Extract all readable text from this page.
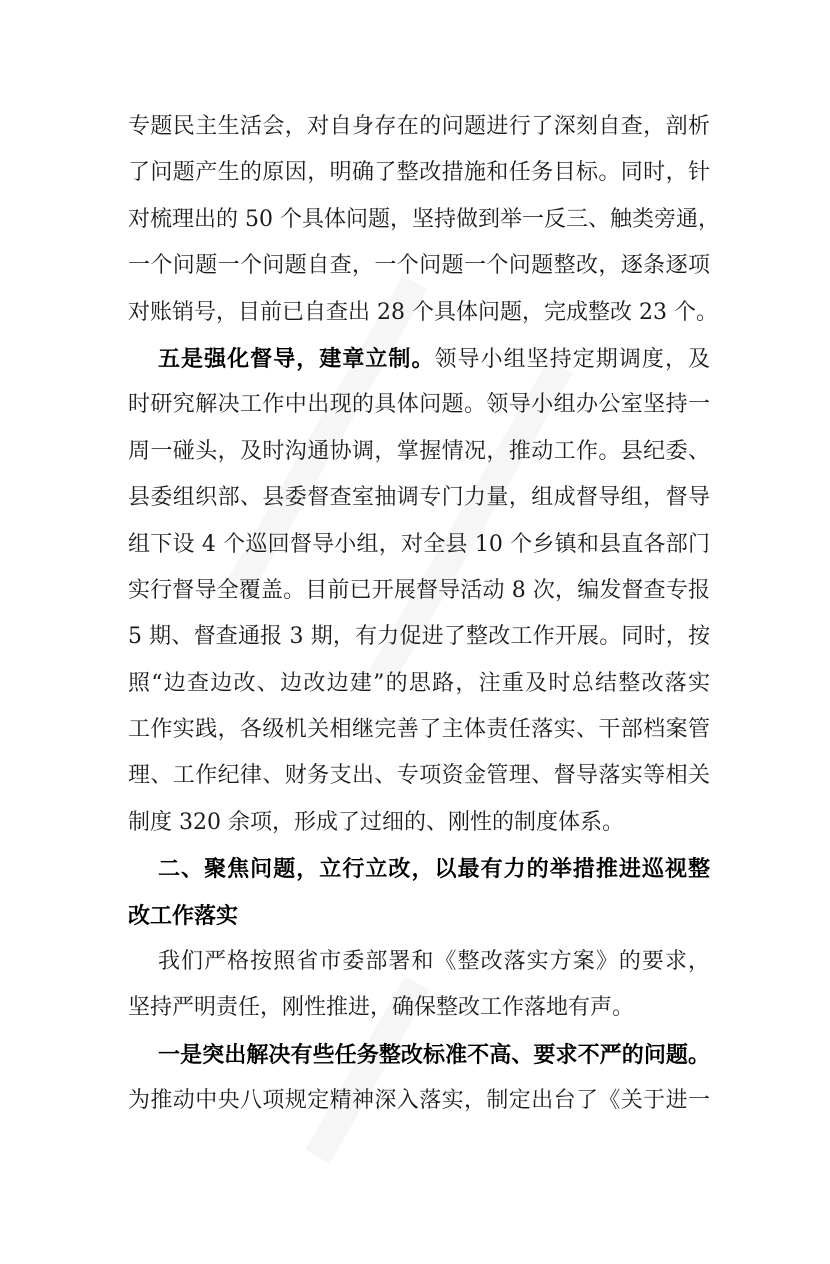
专题民主生活会，对自身存在的问题进行了深刻自查，剖析
了问题产生的原因，明确了整改措施和任务目标。同时，针
对梳理出的 50 个具体问题，坚持做到举一反三、触类旁通，
一个问题一个问题自查，一个问题一个问题整改，逐条逐项
对账销号，目前已自查出 28 个具体问题，完成整改 23 个。
五是强化督导，建章立制。领导小组坚持定期调度，及
时研究解决工作中出现的具体问题。领导小组办公室坚持一
周一碰头，及时沟通协调，掌握情况，推动工作。县纪委、
县委组织部、县委督查室抽调专门力量，组成督导组，督导
组下设 4 个巡回督导小组，对全县 10 个乡镇和县直各部门
实行督导全覆盖。目前已开展督导活动 8 次，编发督查专报
5 期、督查通报 3 期，有力促进了整改工作开展。同时，按
照“边查边改、边改边建”的思路，注重及时总结整改落实
工作实践，各级机关相继完善了主体责任落实、干部档案管
理、工作纪律、财务支出、专项资金管理、督导落实等相关
制度 320 余项，形成了过细的、刚性的制度体系。
二、聚焦问题，立行立改，以最有力的举措推进巡视整
改工作落实
我们严格按照省市委部署和《整改落实方案》的要求，
坚持严明责任，刚性推进，确保整改工作落地有声。
一是突出解决有些任务整改标准不高、要求不严的问题。
为推动中央八项规定精神深入落实，制定出台了《关于进一
